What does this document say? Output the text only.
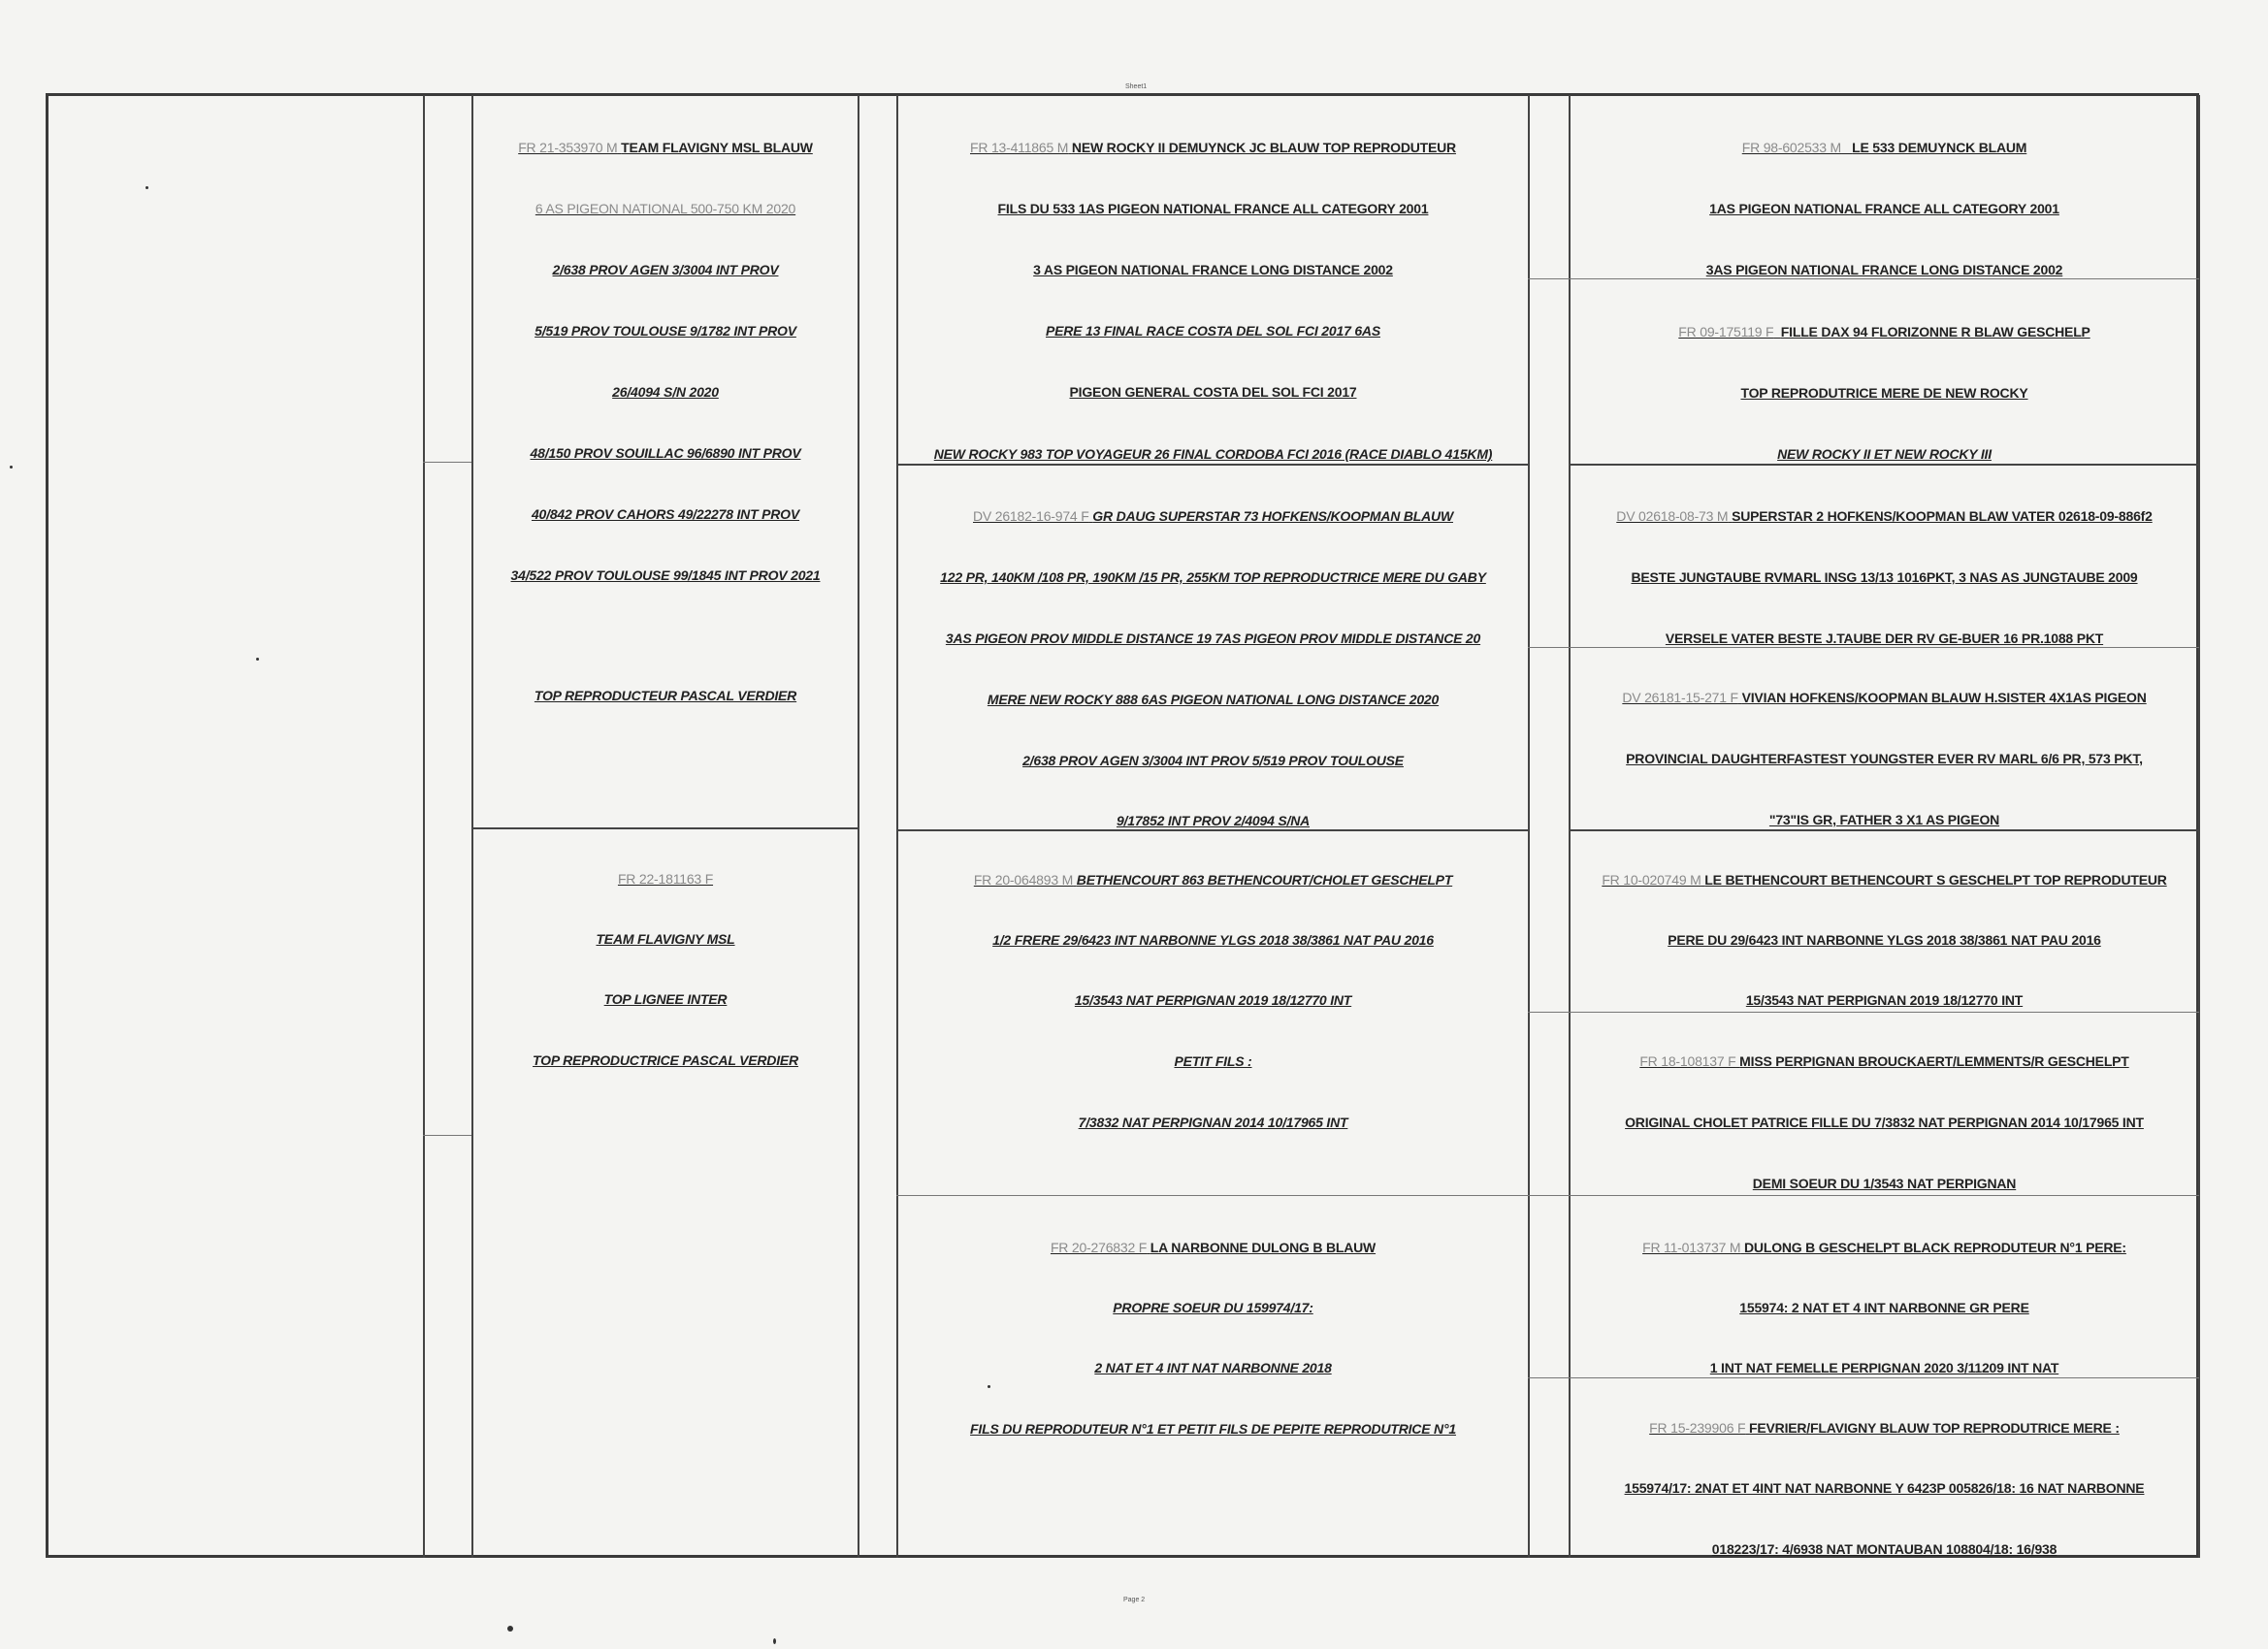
Sheet1
FR 21-353970 M TEAM FLAVIGNY MSL BLAUW
6 AS PIGEON NATIONAL 500-750 KM 2020
2/638 PROV AGEN 3/3004 INT PROV
5/519 PROV TOULOUSE 9/1782 INT PROV
26/4094 S/N 2020
48/150 PROV SOUILLAC 96/6890 INT PROV
40/842 PROV CAHORS 49/22278 INT PROV
34/522 PROV TOULOUSE 99/1845 INT PROV 2021
TOP REPRODUCTEUR PASCAL VERDIER
FR 22-181163 F
TEAM FLAVIGNY MSL
TOP LIGNEE INTER
TOP REPRODUCTRICE PASCAL VERDIER
FR 13-411865 M NEW ROCKY II DEMUYNCK JC BLAUW TOP REPRODUTEUR
FILS DU 533 1AS PIGEON NATIONAL FRANCE ALL CATEGORY 2001
3 AS PIGEON NATIONAL FRANCE LONG DISTANCE 2002
PERE 13 FINAL RACE COSTA DEL SOL FCI 2017 6AS
PIGEON GENERAL COSTA DEL SOL FCI 2017
NEW ROCKY 983 TOP VOYAGEUR 26 FINAL CORDOBA FCI 2016 (RACE DIABLO 415KM)
DV 26182-16-974 F GR DAUG SUPERSTAR 73 HOFKENS/KOOPMAN BLAUW
122 PR, 140KM /108 PR, 190KM /15 PR, 255KM TOP REPRODUCTRICE MERE DU GABY
3AS PIGEON PROV MIDDLE DISTANCE 19 7AS PIGEON PROV MIDDLE DISTANCE 20
MERE NEW ROCKY 888 6AS PIGEON NATIONAL LONG DISTANCE 2020
2/638 PROV AGEN 3/3004 INT PROV 5/519 PROV TOULOUSE
9/17852 INT PROV 2/4094 S/NA
FR 20-064893 M BETHENCOURT 863 BETHENCOURT/CHOLET GESCHELPT
1/2 FRERE 29/6423 INT NARBONNE YLGS 2018 38/3861 NAT PAU 2016
15/3543 NAT PERPIGNAN 2019 18/12770 INT
PETIT FILS :
7/3832 NAT PERPIGNAN 2014 10/17965 INT
FR 20-276832 F LA NARBONNE DULONG B BLAUW
PROPRE SOEUR DU 159974/17:
2 NAT ET 4 INT NAT NARBONNE 2018
FILS DU REPRODUTEUR N°1 ET PETIT FILS DE PEPITE REPRODUTRICE N°1
FR 98-602533 M LE 533 DEMUYNCK BLAUM
1AS PIGEON NATIONAL FRANCE ALL CATEGORY 2001
3AS PIGEON NATIONAL FRANCE LONG DISTANCE 2002
FR 09-175119 F FILLE DAX 94 FLORIZONNE R BLAW GESCHELP
TOP REPRODUTRICE MERE DE NEW ROCKY
NEW ROCKY II ET NEW ROCKY III
DV 02618-08-73 M SUPERSTAR 2 HOFKENS/KOOPMAN BLAW VATER 02618-09-886f2
BESTE JUNGTAUBE RVMARL INSG 13/13 1016PKT, 3 NAS AS JUNGTAUBE 2009
VERSELE VATER BESTE J.TAUBE DER RV GE-BUER 16 PR.1088 PKT
DV 26181-15-271 F VIVIAN HOFKENS/KOOPMAN BLAUW H.SISTER 4X1AS PIGEON
PROVINCIAL DAUGHTERFASTEST YOUNGSTER EVER RV MARL 6/6 PR, 573 PKT,
"73"IS GR, FATHER 3 X1 AS PIGEON
FR 10-020749 M LE BETHENCOURT BETHENCOURT S GESCHELPT TOP REPRODUTEUR
PERE DU 29/6423 INT NARBONNE YLGS 2018 38/3861 NAT PAU 2016
15/3543 NAT PERPIGNAN 2019 18/12770 INT
FR 18-108137 F MISS PERPIGNAN BROUCKAERT/LEMMENTS/R GESCHELPT
ORIGINAL CHOLET PATRICE FILLE DU 7/3832 NAT PERPIGNAN 2014 10/17965 INT
DEMI SOEUR DU 1/3543 NAT PERPIGNAN
FR 11-013737 M DULONG B GESCHELPT BLACK REPRODUTEUR N°1 PERE:
155974: 2 NAT ET 4 INT NARBONNE GR PERE
1 INT NAT FEMELLE PERPIGNAN 2020 3/11209 INT NAT
FR 15-239906 F FEVRIER/FLAVIGNY BLAUW TOP REPRODUTRICE MERE :
155974/17: 2NAT ET 4INT NAT NARBONNE Y 6423P 005826/18: 16 NAT NARBONNE
018223/17: 4/6938 NAT MONTAUBAN 108804/18: 16/938
Page 2
